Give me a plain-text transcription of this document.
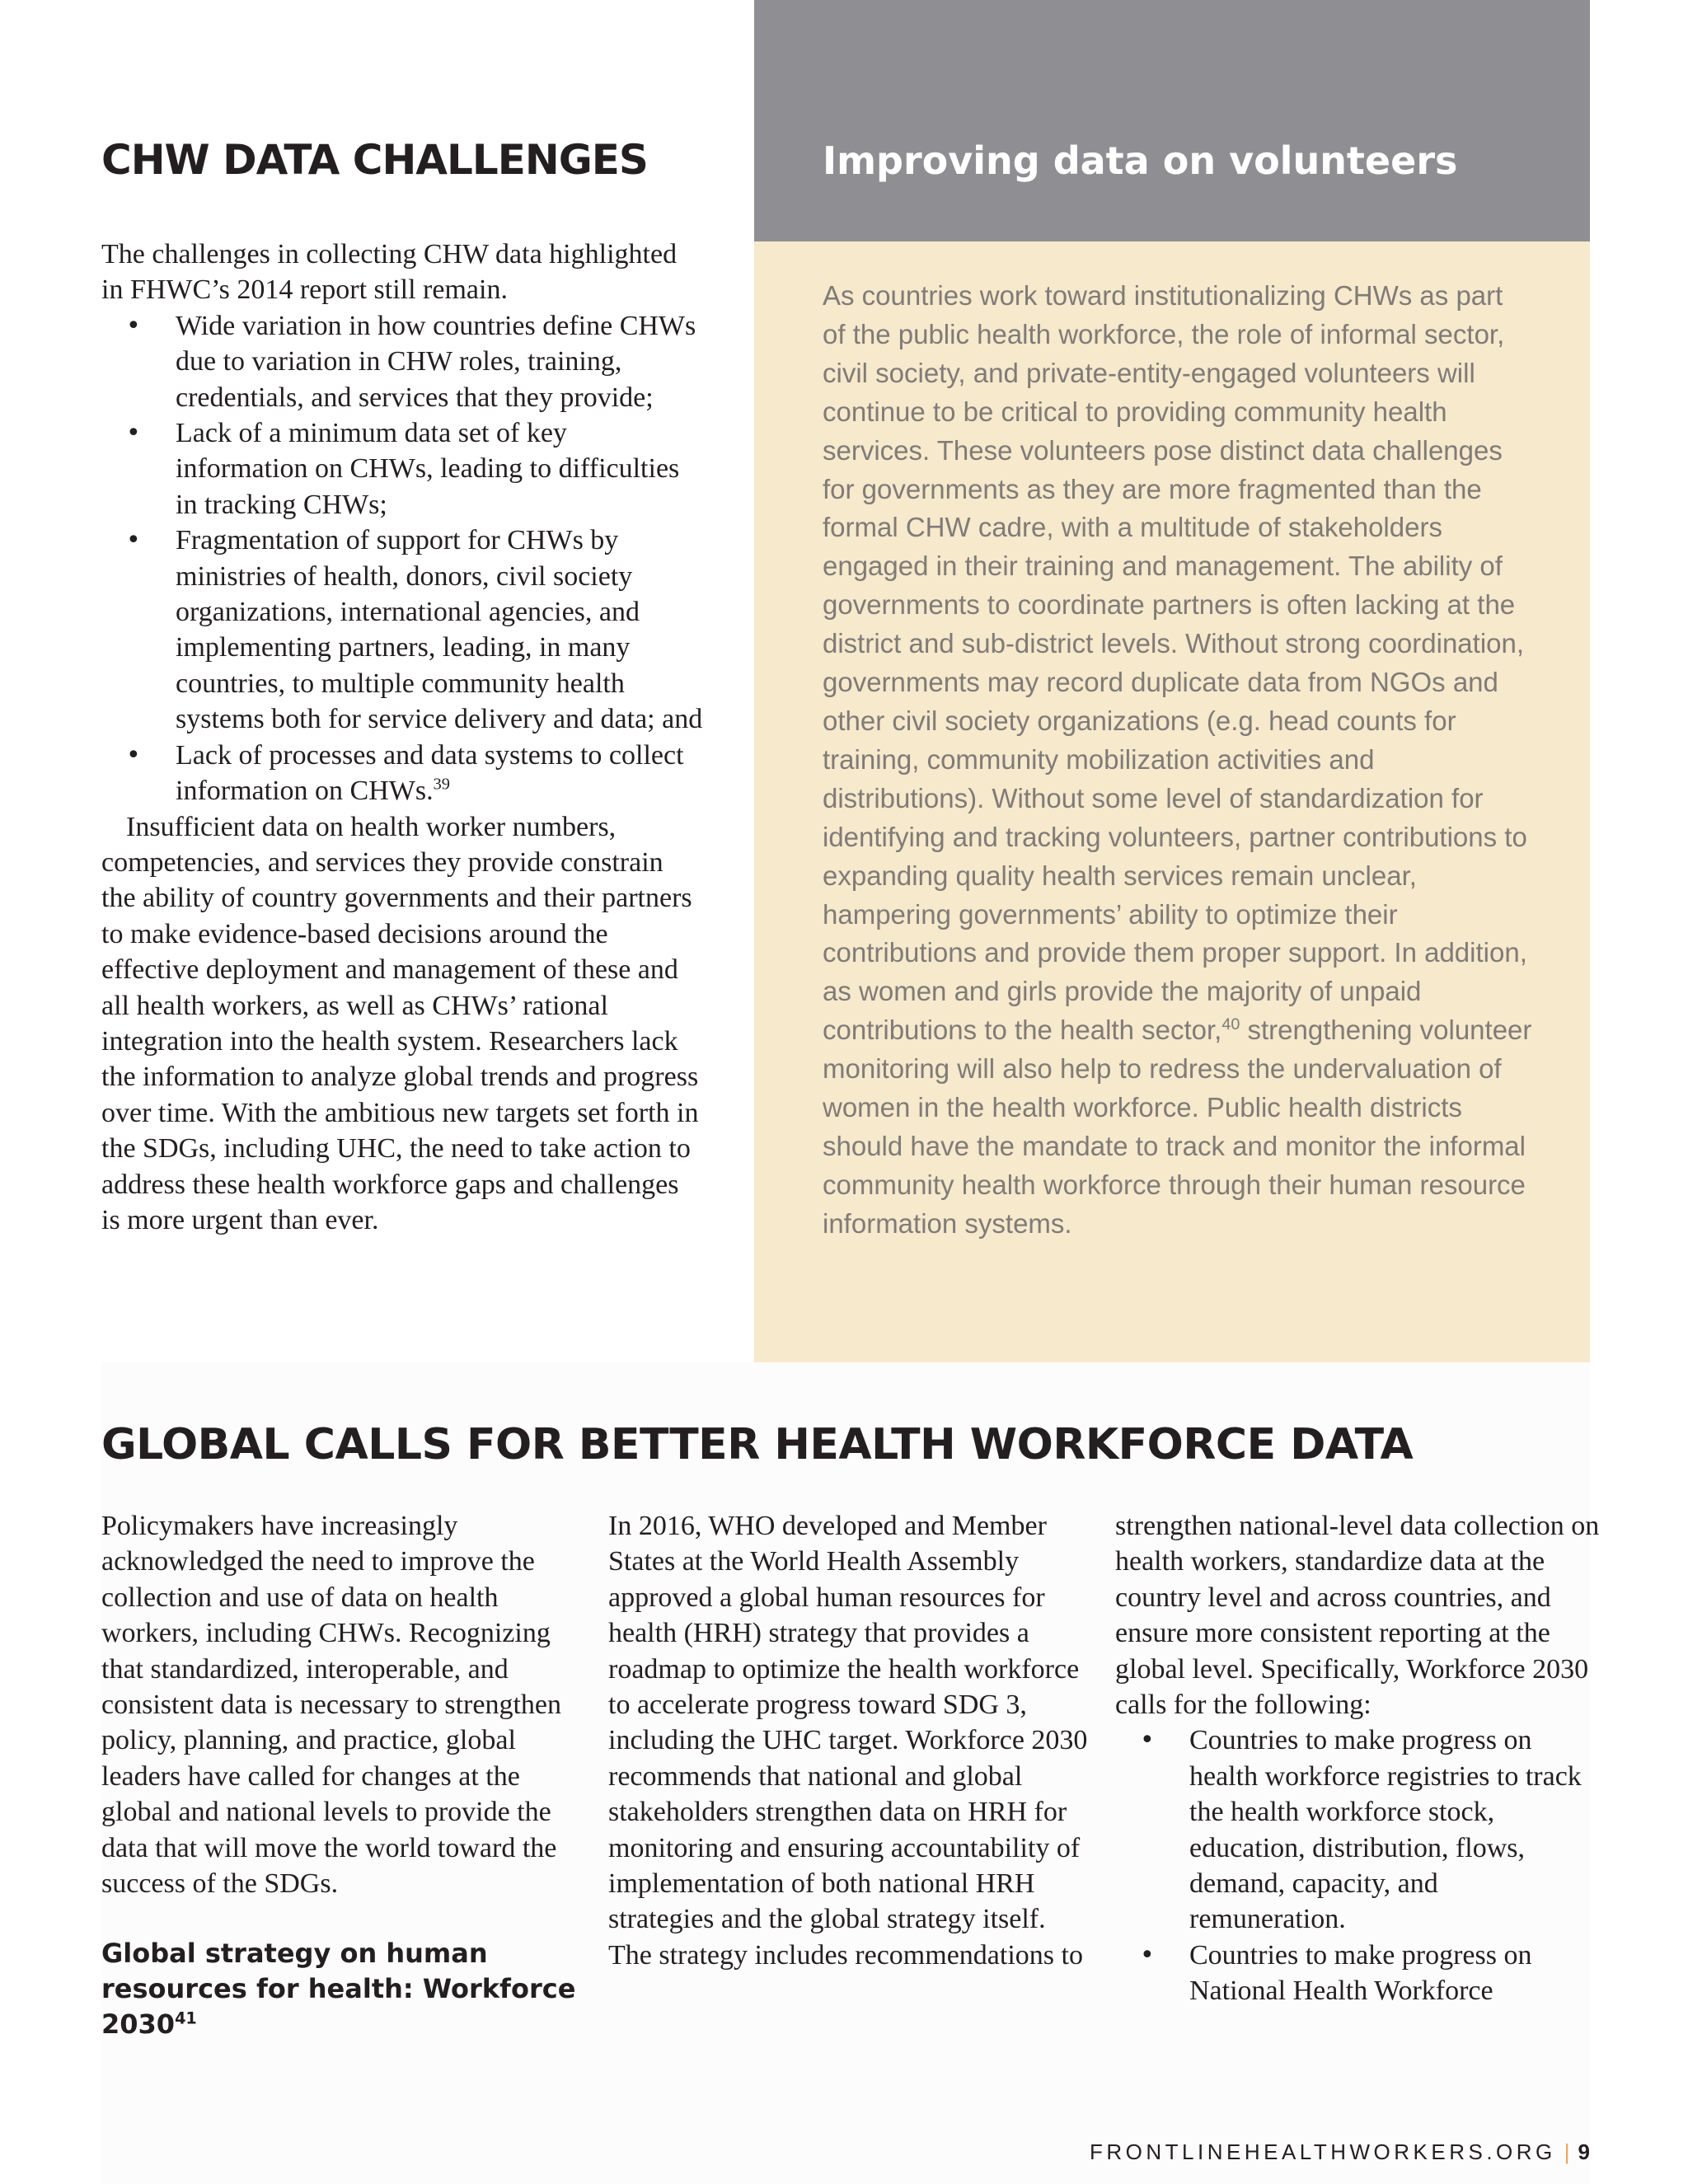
CHW DATA CHALLENGES

The challenges in collecting CHW data highlighted in FHWC’s 2014 report still remain.

• Wide variation in how countries define CHWs due to variation in CHW roles, training, credentials, and services that they provide;
• Lack of a minimum data set of key information on CHWs, leading to difficulties in tracking CHWs;
• Fragmentation of support for CHWs by ministries of health, donors, civil society organizations, international agencies, and implementing partners, leading, in many countries, to multiple community health systems both for service delivery and data; and
• Lack of processes and data systems to collect information on CHWs.$^{39}$

Insufficient data on health worker numbers, competencies, and services they provide constrain the ability of country governments and their partners to make evidence-based decisions around the effective deployment and management of these and all health workers, as well as CHWs’ rational integration into the health system. Researchers lack the information to analyze global trends and progress over time. With the ambitious new targets set forth in the SDGs, including UHC, the need to take action to address these health workforce gaps and challenges is more urgent than ever.

Improving data on volunteers

As countries work toward institutionalizing CHWs as part of the public health workforce, the role of informal sector, civil society, and private-entity-engaged volunteers will continue to be critical to providing community health services. These volunteers pose distinct data challenges for governments as they are more fragmented than the formal CHW cadre, with a multitude of stakeholders engaged in their training and management. The ability of governments to coordinate partners is often lacking at the district and sub-district levels. Without strong coordination, governments may record duplicate data from NGOs and other civil society organizations (e.g. head counts for training, community mobilization activities and distributions). Without some level of standardization for identifying and tracking volunteers, partner contributions to expanding quality health services remain unclear, hampering governments’ ability to optimize their contributions and provide them proper support. In addition, as women and girls provide the majority of unpaid contributions to the health sector,$^{40}$ strengthening volunteer monitoring will also help to redress the undervaluation of women in the health workforce. Public health districts should have the mandate to track and monitor the informal community health workforce through their human resource information systems.

GLOBAL CALLS FOR BETTER HEALTH WORKFORCE DATA

Policymakers have increasingly acknowledged the need to improve the collection and use of data on health workers, including CHWs. Recognizing that standardized, interoperable, and consistent data is necessary to strengthen policy, planning, and practice, global leaders have called for changes at the global and national levels to provide the data that will move the world toward the success of the SDGs.

Global strategy on human resources for health: Workforce 2030$^{41}$

In 2016, WHO developed and Member States at the World Health Assembly approved a global human resources for health (HRH) strategy that provides a roadmap to optimize the health workforce to accelerate progress toward SDG 3, including the UHC target. Workforce 2030 recommends that national and global stakeholders strengthen data on HRH for monitoring and ensuring accountability of implementation of both national HRH strategies and the global strategy itself. The strategy includes recommendations to

strengthen national-level data collection on health workers, standardize data at the country level and across countries, and ensure more consistent reporting at the global level. Specifically, Workforce 2030 calls for the following:

• Countries to make progress on health workforce registries to track the health workforce stock, education, distribution, flows, demand, capacity, and remuneration.
• Countries to make progress on National Health Workforce
FRONTLINEHEALTHWORKERS.ORG | 9
